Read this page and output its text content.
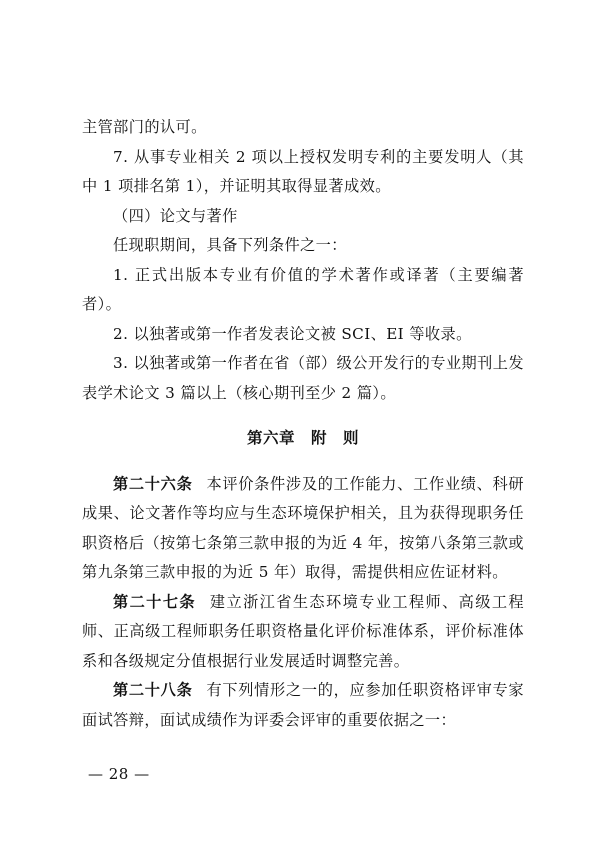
主管部门的认可。

7. 从事专业相关 2 项以上授权发明专利的主要发明人（其中 1 项排名第 1），并证明其取得显著成效。

（四）论文与著作

任现职期间，具备下列条件之一：

1. 正式出版本专业有价值的学术著作或译著（主要编著者）。

2. 以独著或第一作者发表论文被 SCI、EI 等收录。

3. 以独著或第一作者在省（部）级公开发行的专业期刊上发表学术论文 3 篇以上（核心期刊至少 2 篇）。

第六章 附　则

第二十六条 本评价条件涉及的工作能力、工作业绩、科研成果、论文著作等均应与生态环境保护相关，且为获得现职务任职资格后（按第七条第三款申报的为近 4 年，按第八条第三款或第九条第三款申报的为近 5 年）取得，需提供相应佐证材料。

第二十七条 建立浙江省生态环境专业工程师、高级工程师、正高级工程师职务任职资格量化评价标准体系，评价标准体系和各级规定分值根据行业发展适时调整完善。

第二十八条 有下列情形之一的，应参加任职资格评审专家面试答辩，面试成绩作为评委会评审的重要依据之一：

— 28 —
